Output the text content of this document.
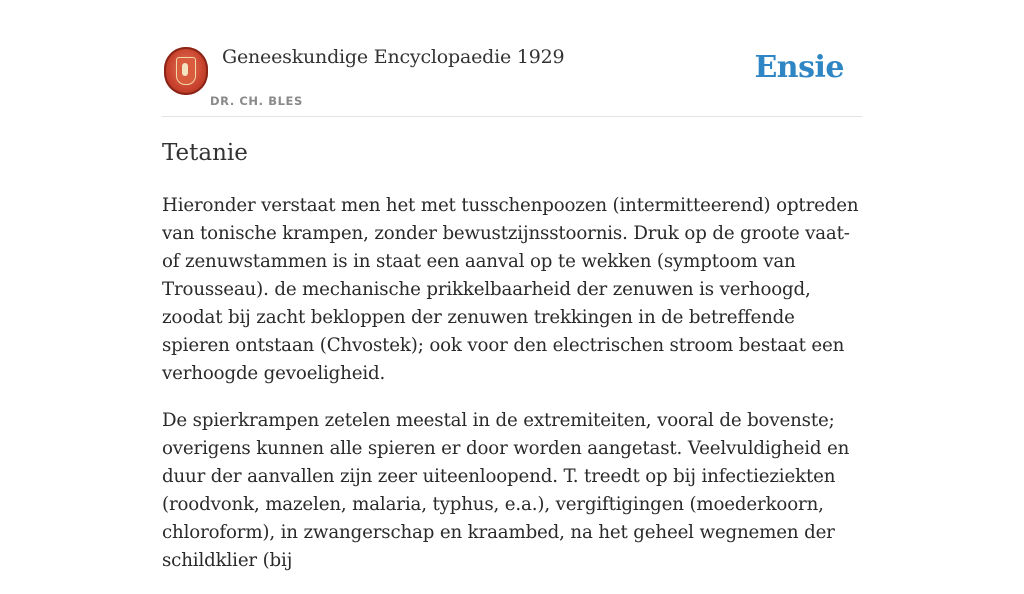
Geneeskundige Encyclopaedie 1929
DR. CH. BLES
Ensie
Tetanie

Hieronder verstaat men het met tusschenpoozen (intermitteerend) optreden van tonische krampen, zonder bewustzijnsstoornis. Druk op de groote vaat- of zenuwstammen is in staat een aanval op te wekken (symptoom van Trousseau). de mechanische prikkelbaarheid der zenuwen is verhoogd, zoodat bij zacht bekloppen der zenuwen trekkingen in de betreffende spieren ontstaan (Chvostek); ook voor den electrischen stroom bestaat een verhoogde gevoeligheid.

De spierkrampen zetelen meestal in de extremiteiten, vooral de bovenste; overigens kunnen alle spieren er door worden aangetast. Veelvuldigheid en duur der aanvallen zijn zeer uiteenloopend. T. treedt op bij infectieziekten (roodvonk, mazelen, malaria, typhus, e.a.), vergiftigingen (moederkoorn, chloroform), in zwangerschap en kraambed, na het geheel wegnemen der schildklier (bij
